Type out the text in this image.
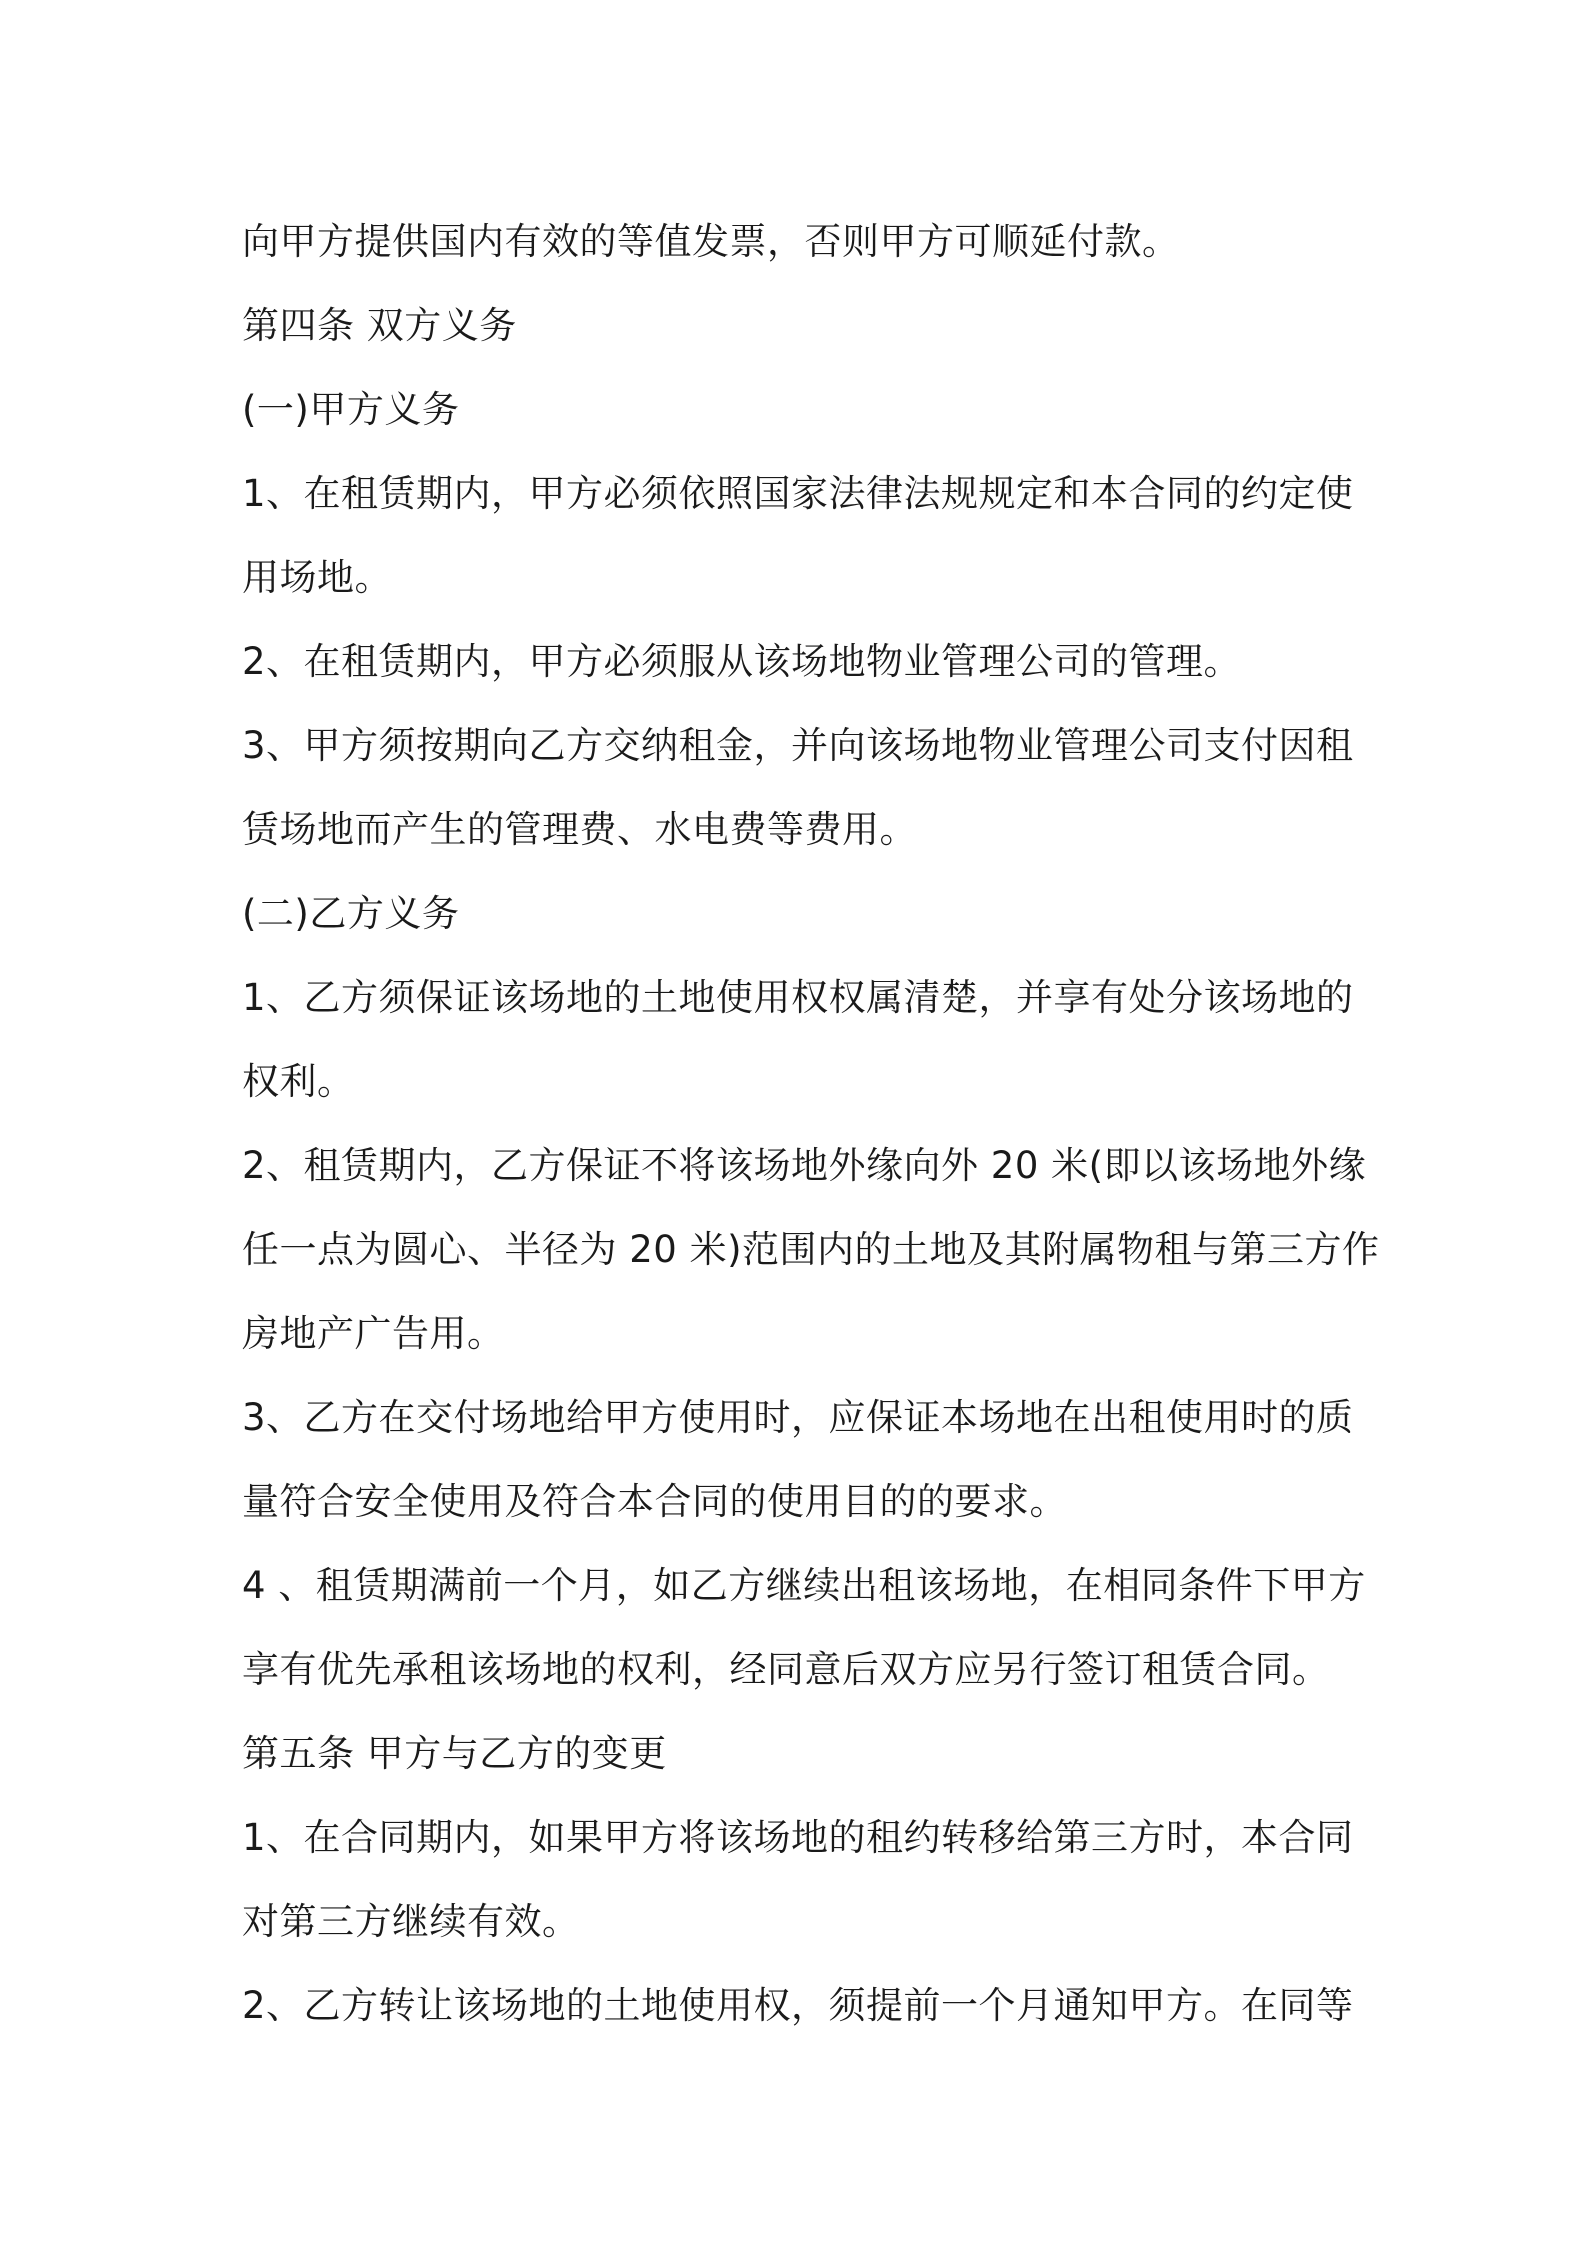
向甲方提供国内有效的等值发票，否则甲方可顺延付款。
第四条 双方义务
(一)甲方义务
1、在租赁期内，甲方必须依照国家法律法规规定和本合同的约定使
用场地。
2、在租赁期内，甲方必须服从该场地物业管理公司的管理。
3、甲方须按期向乙方交纳租金，并向该场地物业管理公司支付因租
赁场地而产生的管理费、水电费等费用。
(二)乙方义务
1、乙方须保证该场地的土地使用权权属清楚，并享有处分该场地的
权利。
2、租赁期内，乙方保证不将该场地外缘向外 20 米(即以该场地外缘
任一点为圆心、半径为 20 米)范围内的土地及其附属物租与第三方作
房地产广告用。
3、乙方在交付场地给甲方使用时，应保证本场地在出租使用时的质
量符合安全使用及符合本合同的使用目的的要求。
4 、租赁期满前一个月，如乙方继续出租该场地，在相同条件下甲方
享有优先承租该场地的权利，经同意后双方应另行签订租赁合同。
第五条 甲方与乙方的变更
1、在合同期内，如果甲方将该场地的租约转移给第三方时，本合同
对第三方继续有效。
2、乙方转让该场地的土地使用权，须提前一个月通知甲方。在同等
